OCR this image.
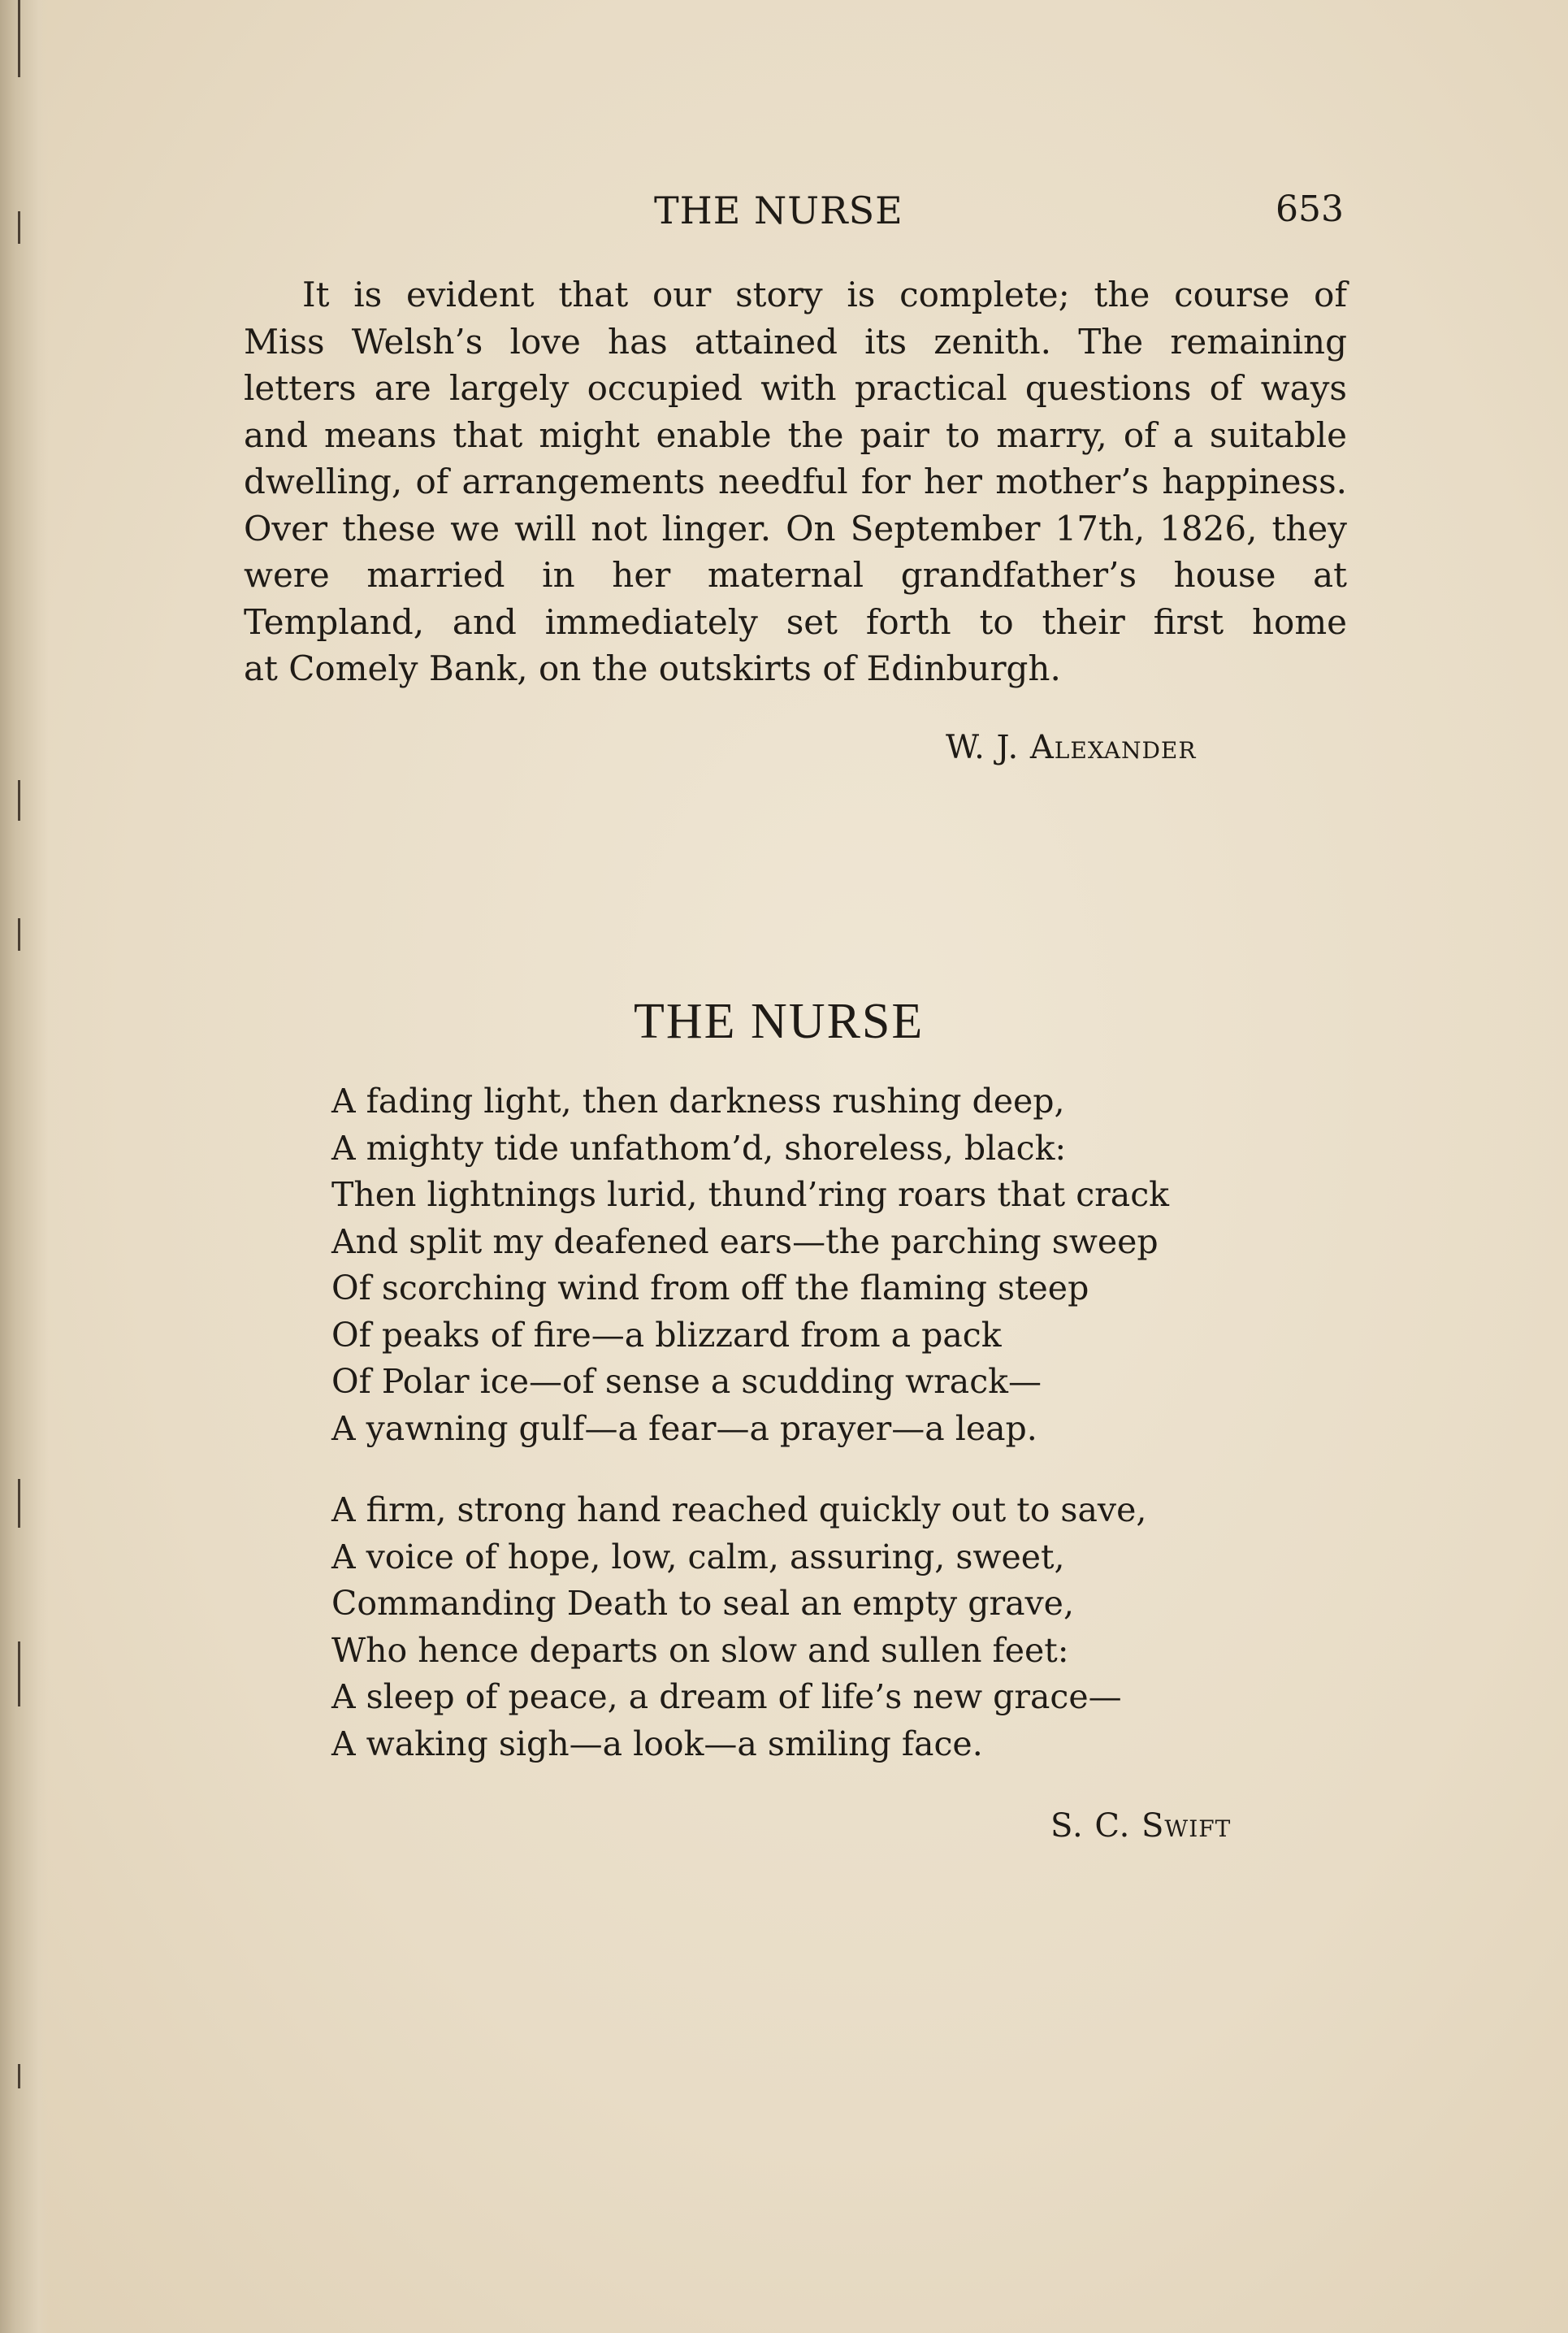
THE NURSE	653
It is evident that our story is complete; the course of
Miss Welsh’s love has attained its zenith. The remaining
letters are largely occupied with practical questions of ways
and means that might enable the pair to marry, of a suitable
dwelling, of arrangements needful for her mother’s happiness.
Over these we will not linger. On September 17th, 1826, they
were married in her maternal grandfather’s house at
Templand, and immediately set forth to their first home
at Comely Bank, on the outskirts of Edinburgh.
W. J. Alexander
THE NURSE
A fading light, then darkness rushing deep,
A mighty tide unfathom’d, shoreless, black:
Then lightnings lurid, thund’ring roars that crack
And split my deafened ears—the parching sweep
Of scorching wind from off the flaming steep
Of peaks of fire—a blizzard from a pack
Of Polar ice—of sense a scudding wrack—
A yawning gulf—a fear—a prayer—a leap.
A firm, strong hand reached quickly out to save,
A voice of hope, low, calm, assuring, sweet,
Commanding Death to seal an empty grave,
Who hence departs on slow and sullen feet:
A sleep of peace, a dream of life’s new grace—
A waking sigh—a look—a smiling face.
S. C. Swift
